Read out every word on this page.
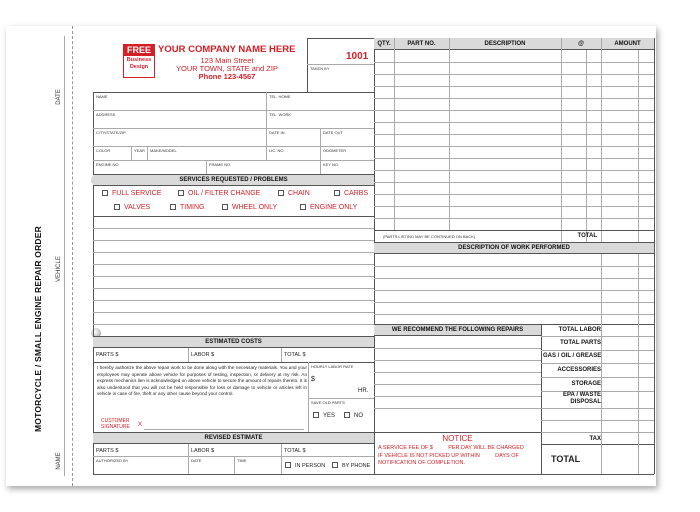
DATE
VEHICLE
NAME
MOTORCYCLE / SMALL ENGINE REPAIR ORDER
FREE
Business
Design
YOUR COMPANY NAME HERE
123 Main Street
YOUR TOWN, STATE and ZIP
Phone 123-4567
1001
TAKEN BY
NAME	TEL. HOME
ADDRESS	TEL. WORK
CITY/STATE/ZIP	DATE IN	DATE OUT
COLOR	YEAR MAKE/MODEL	LIC. NO.	ODOMETER
ENGINE NO.	FRAME NO.	KEY NO.
SERVICES REQUESTED / PROBLEMS
FULL SERVICE	OIL / FILTER CHANGE	CHAIN	CARBS
VALVES	TIMING	WHEEL ONLY	ENGINE ONLY
ESTIMATED COSTS
PARTS $	LABOR $	TOTAL $
I hereby authorize the above repair work to be done along with the necessary materials. You and your employees may operate above vehicle for purposes of testing, inspection, or delivery at my risk. An express mechanics lien is acknowledged on above vehicle to secure the amount of repairs thereto. It is also understood that you will not be held responsible for loss or damage to vehicle or articles left in vehicle in case of fire, theft or any other cause beyond your control.
HOURLY LABOR RATE
$
HR.
SAVE OLD PARTS
YES	NO
CUSTOMER
SIGNATURE X
REVISED ESTIMATE
PARTS $	LABOR $	TOTAL $
AUTHORIZED BY	DATE	TIME
IN PERSON	BY PHONE
QTY.	PART NO.	DESCRIPTION	@	AMOUNT
(PARTS LISTING MAY BE CONTINUED ON BACK)	TOTAL
DESCRIPTION OF WORK PERFORMED
WE RECOMMEND THE FOLLOWING REPAIRS	TOTAL LABOR
TOTAL PARTS
GAS / OIL / GREASE
ACCESSORIES
STORAGE
EPA / WASTE
DISPOSAL
TAX
TOTAL
NOTICE
A SERVICE FEE OF $          PER DAY WILL BE CHARGED
IF VEHICLE IS NOT PICKED UP WITHIN          DAYS OF
NOTIFICATION OF COMPLETION.
